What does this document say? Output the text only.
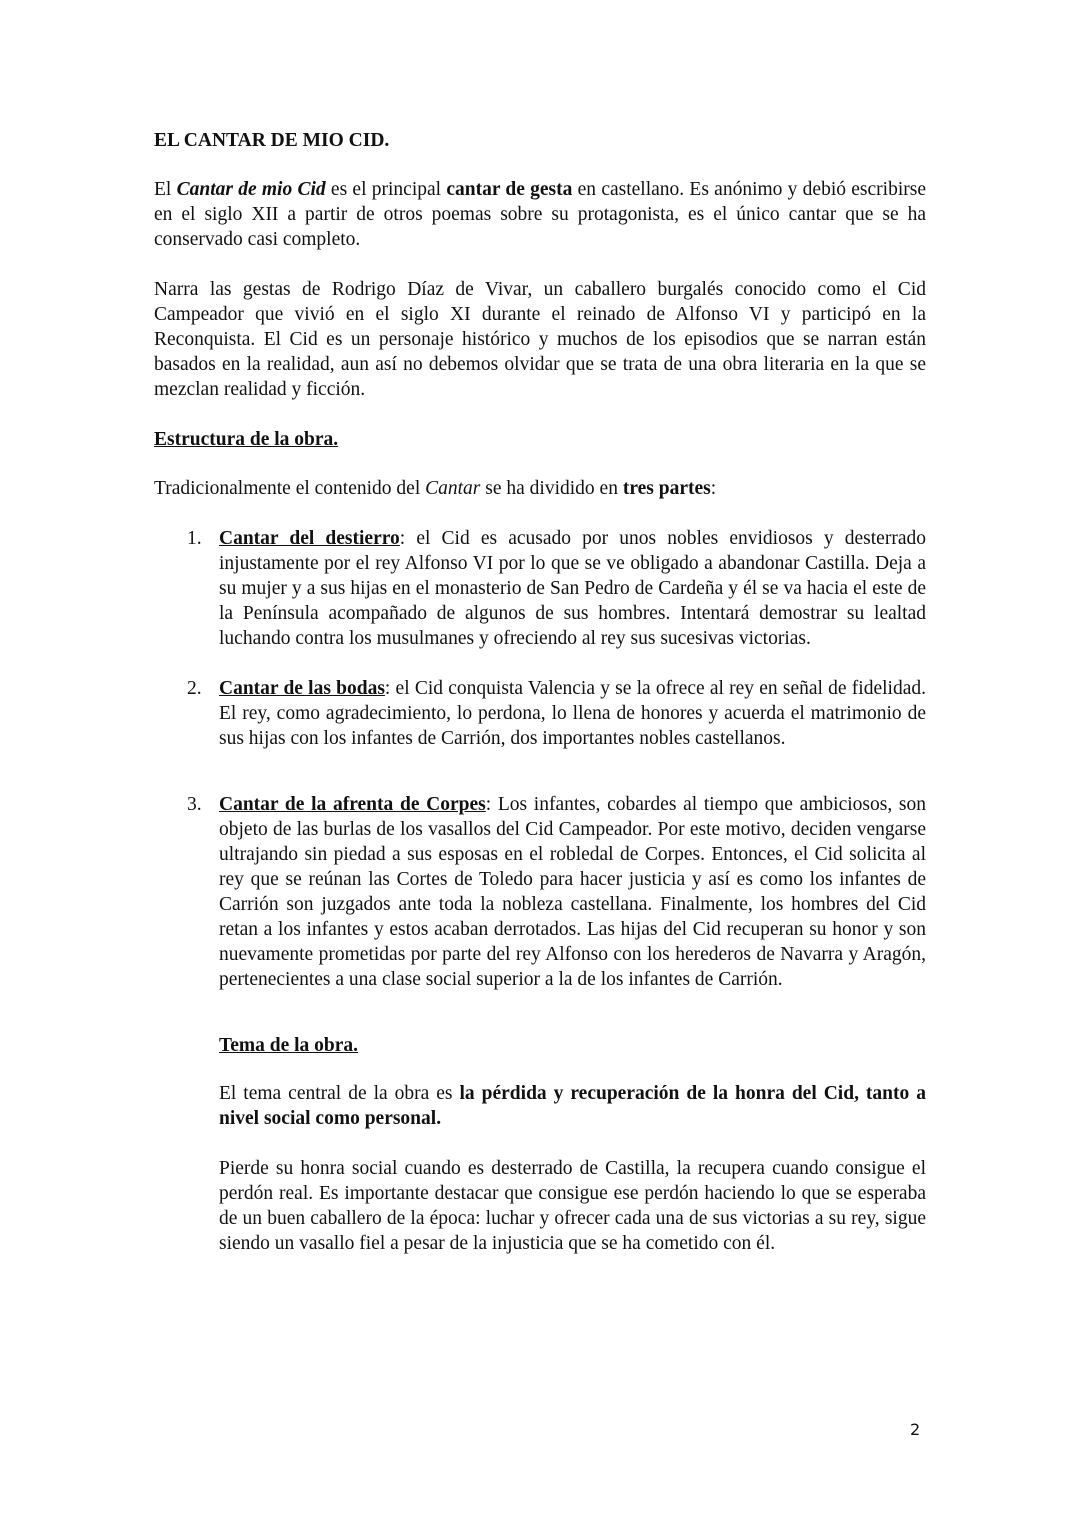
EL CANTAR DE MIO CID.

El Cantar de mio Cid es el principal cantar de gesta en castellano. Es anónimo y debió escribirse en el siglo XII a partir de otros poemas sobre su protagonista, es el único cantar que se ha conservado casi completo.

Narra las gestas de Rodrigo Díaz de Vivar, un caballero burgalés conocido como el Cid Campeador que vivió en el siglo XI durante el reinado de Alfonso VI y participó en la Reconquista. El Cid es un personaje histórico y muchos de los episodios que se narran están basados en la realidad, aun así no debemos olvidar que se trata de una obra literaria en la que se mezclan realidad y ficción.

Estructura de la obra.

Tradicionalmente el contenido del Cantar se ha dividido en tres partes:

1. Cantar del destierro: el Cid es acusado por unos nobles envidiosos y desterrado injustamente por el rey Alfonso VI por lo que se ve obligado a abandonar Castilla. Deja a su mujer y a sus hijas en el monasterio de San Pedro de Cardeña y él se va hacia el este de la Península acompañado de algunos de sus hombres. Intentará demostrar su lealtad luchando contra los musulmanes y ofreciendo al rey sus sucesivas victorias.
2. Cantar de las bodas: el Cid conquista Valencia y se la ofrece al rey en señal de fidelidad. El rey, como agradecimiento, lo perdona, lo llena de honores y acuerda el matrimonio de sus hijas con los infantes de Carrión, dos importantes nobles castellanos.
3. Cantar de la afrenta de Corpes: Los infantes, cobardes al tiempo que ambiciosos, son objeto de las burlas de los vasallos del Cid Campeador. Por este motivo, deciden vengarse ultrajando sin piedad a sus esposas en el robledal de Corpes. Entonces, el Cid solicita al rey que se reúnan las Cortes de Toledo para hacer justicia y así es como los infantes de Carrión son juzgados ante toda la nobleza castellana. Finalmente, los hombres del Cid retan a los infantes y estos acaban derrotados. Las hijas del Cid recuperan su honor y son nuevamente prometidas por parte del rey Alfonso con los herederos de Navarra y Aragón, pertenecientes a una clase social superior a la de los infantes de Carrión.

Tema de la obra.

El tema central de la obra es la pérdida y recuperación de la honra del Cid, tanto a nivel social como personal.

Pierde su honra social cuando es desterrado de Castilla, la recupera cuando consigue el perdón real. Es importante destacar que consigue ese perdón haciendo lo que se esperaba de un buen caballero de la época: luchar y ofrecer cada una de sus victorias a su rey, sigue siendo un vasallo fiel a pesar de la injusticia que se ha cometido con él.

2
